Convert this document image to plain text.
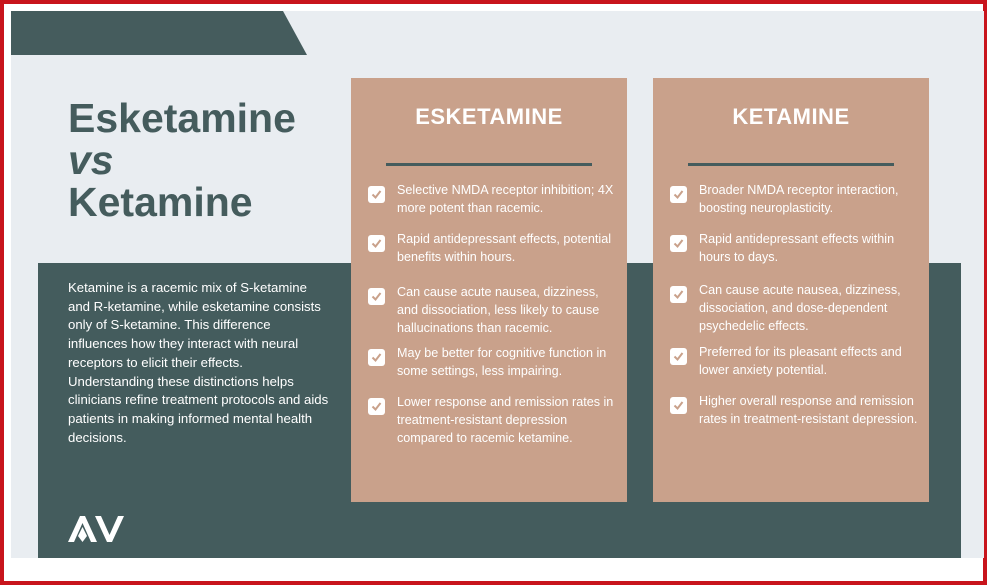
Esketamine
vs
Ketamine

Ketamine is a racemic mix of S-ketamine and R-ketamine, while esketamine consists only of S-ketamine. This difference influences how they interact with neural receptors to elicit their effects. Understanding these distinctions helps clinicians refine treatment protocols and aids patients in making informed mental health decisions.

ESKETAMINE
Selective NMDA receptor inhibition; 4X more potent than racemic.
Rapid antidepressant effects, potential benefits within hours.
Can cause acute nausea, dizziness, and dissociation, less likely to cause hallucinations than racemic.
May be better for cognitive function in some settings, less impairing.
Lower response and remission rates in treatment-resistant depression compared to racemic ketamine.
KETAMINE
Broader NMDA receptor interaction, boosting neuroplasticity.
Rapid antidepressant effects within hours to days.
Can cause acute nausea, dizziness, dissociation, and dose-dependent psychedelic effects.
Preferred for its pleasant effects and lower anxiety potential.
Higher overall response and remission rates in treatment-resistant depression.
